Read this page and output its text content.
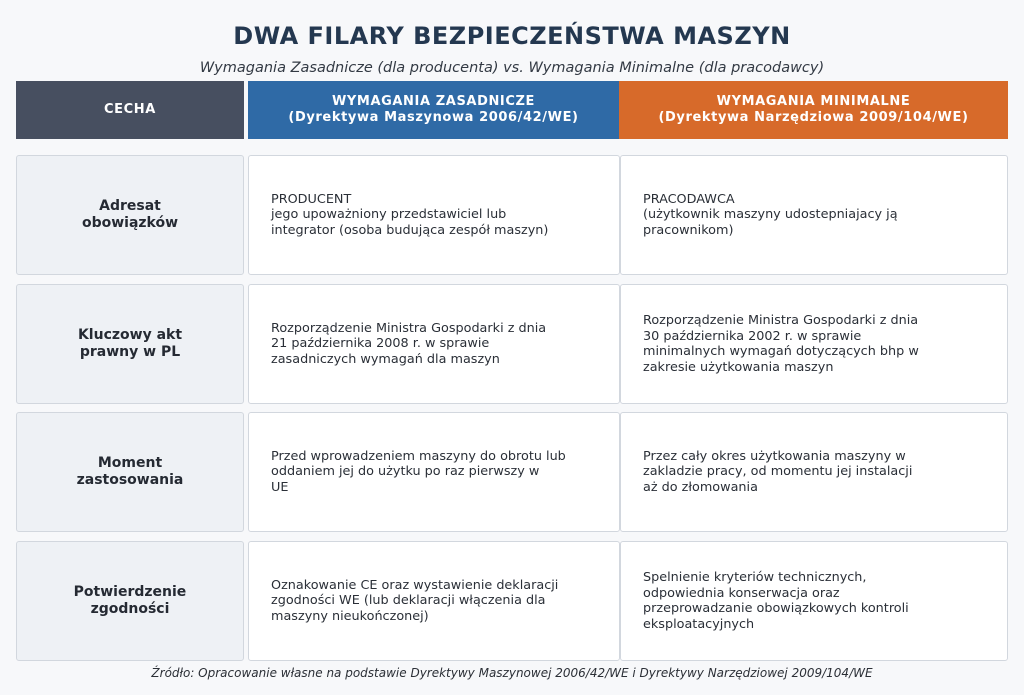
DWA FILARY BEZPIECZEŃSTWA MASZYN
Wymagania Zasadnicze (dla producenta) vs. Wymagania Minimalne (dla pracodawcy)
CECHA
WYMAGANIA ZASADNICZE
(Dyrektywa Maszynowa 2006/42/WE)
WYMAGANIA MINIMALNE
(Dyrektywa Narzędziowa 2009/104/WE)
Adresat
obowiązków
PRODUCENT
jego upoważniony przedstawiciel lub
integrator (osoba budująca zespół maszyn)
PRACODAWCA
(użytkownik maszyny udostepniajacy ją
pracownikom)
Kluczowy akt
prawny w PL
Rozporządzenie Ministra Gospodarki z dnia
21 października 2008 r. w sprawie
zasadniczych wymagań dla maszyn
Rozporządzenie Ministra Gospodarki z dnia
30 października 2002 r. w sprawie
minimalnych wymagań dotyczących bhp w
zakresie użytkowania maszyn
Moment
zastosowania
Przed wprowadzeniem maszyny do obrotu lub
oddaniem jej do użytku po raz pierwszy w
UE
Przez cały okres użytkowania maszyny w
zakladzie pracy, od momentu jej instalacji
aż do złomowania
Potwierdzenie
zgodności
Oznakowanie CE oraz wystawienie deklaracji
zgodności WE (lub deklaracji włączenia dla
maszyny nieukończonej)
Spelnienie kryteriów technicznych,
odpowiednia konserwacja oraz
przeprowadzanie obowiązkowych kontroli
eksploatacyjnych
Źródło: Opracowanie własne na podstawie Dyrektywy Maszynowej 2006/42/WE i Dyrektywy Narzędziowej 2009/104/WE
